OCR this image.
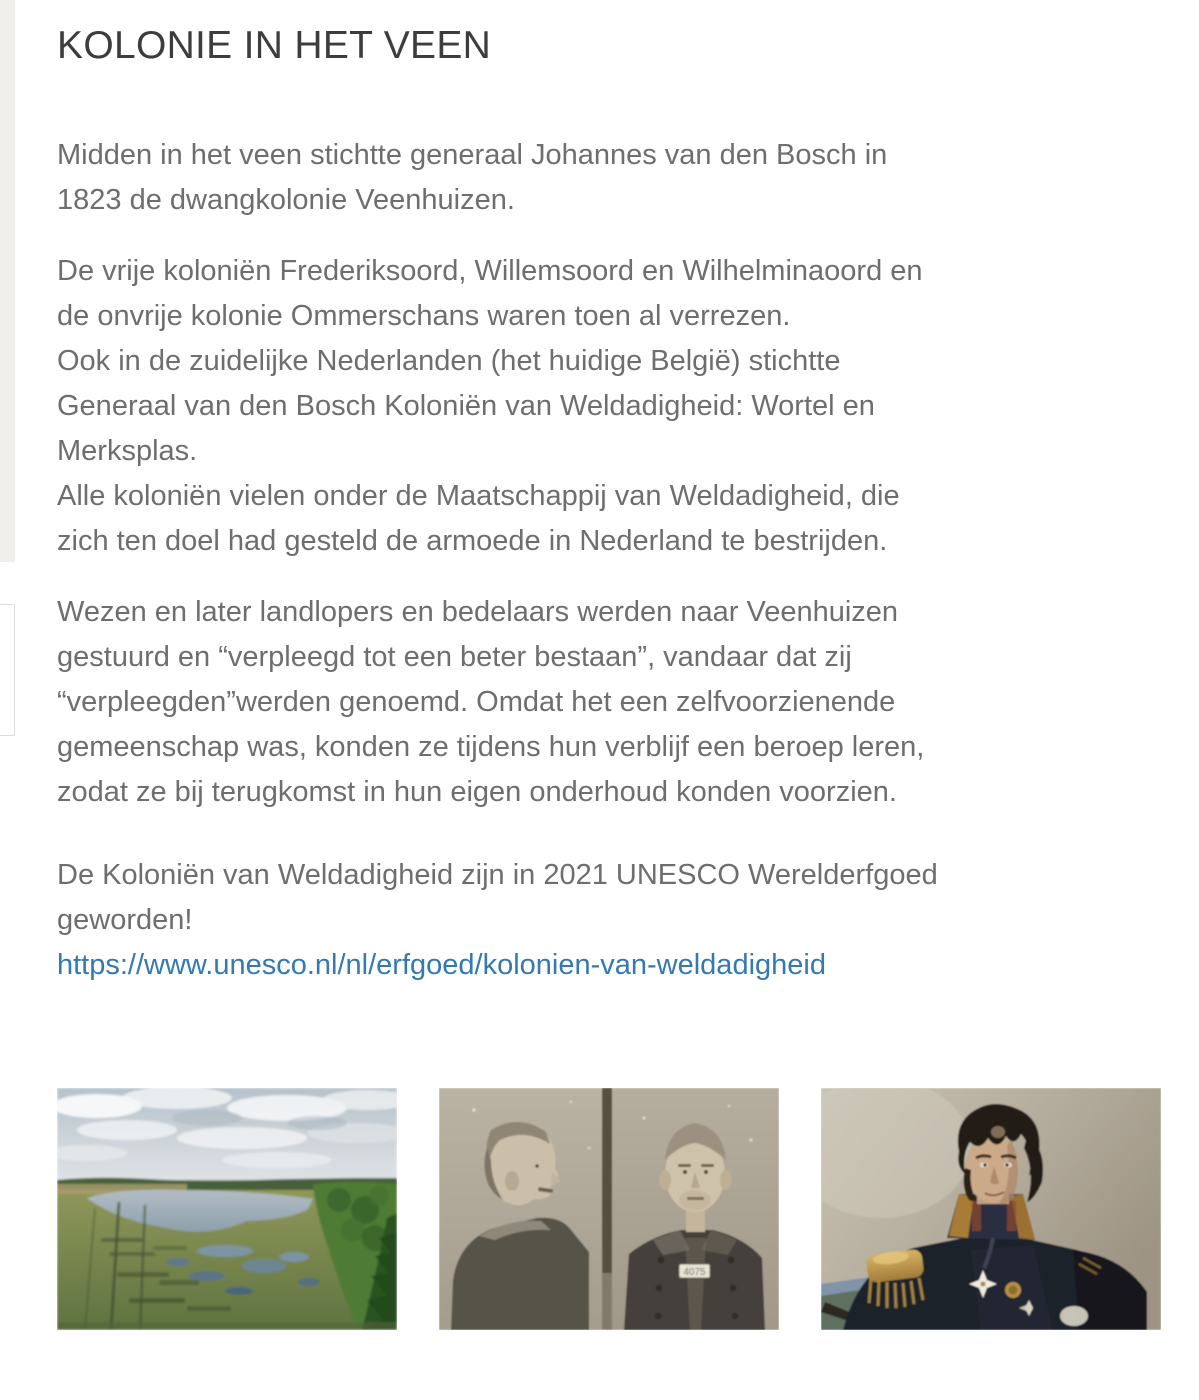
KOLONIE IN HET VEEN

Midden in het veen stichtte generaal Johannes van den Bosch in
1823 de dwangkolonie Veenhuizen.

De vrije koloniën Frederiksoord, Willemsoord en Wilhelminaoord en
de onvrije kolonie Ommerschans waren toen al verrezen.
Ook in de zuidelijke Nederlanden (het huidige België) stichtte
Generaal van den Bosch Koloniën van Weldadigheid: Wortel en
Merksplas.
Alle koloniën vielen onder de Maatschappij van Weldadigheid, die
zich ten doel had gesteld de armoede in Nederland te bestrijden.

Wezen en later landlopers en bedelaars werden naar Veenhuizen
gestuurd en “verpleegd tot een beter bestaan”, vandaar dat zij
“verpleegden”werden genoemd. Omdat het een zelfvoorzienende
gemeenschap was, konden ze tijdens hun verblijf een beroep leren,
zodat ze bij terugkomst in hun eigen onderhoud konden voorzien.

De Koloniën van Weldadigheid zijn in 2021 UNESCO Werelderfgoed
geworden!
https://www.unesco.nl/nl/erfgoed/kolonien-van-weldadigheid

4075
